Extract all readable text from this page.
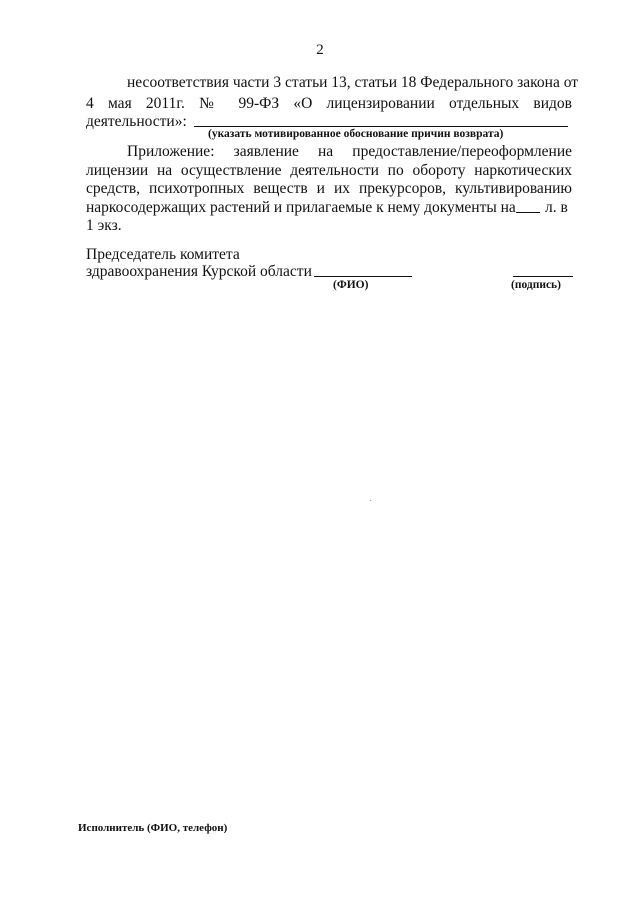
2
несоответствия части 3 статьи 13, статьи 18 Федерального закона от
4 мая 2011г. № 99-ФЗ «О лицензировании отдельных видов
деятельности»:
(указать мотивированное обоснование причин возврата)
Приложение: заявление на предоставление/переоформление
лицензии на осуществление деятельности по обороту наркотических
средств, психотропных веществ и их прекурсоров, культивированию
наркосодержащих растений и прилагаемые к нему документы на л. в
1 экз.
Председатель комитета
здравоохранения Курской области
(ФИО)	(подпись)
Исполнитель (ФИО, телефон)
